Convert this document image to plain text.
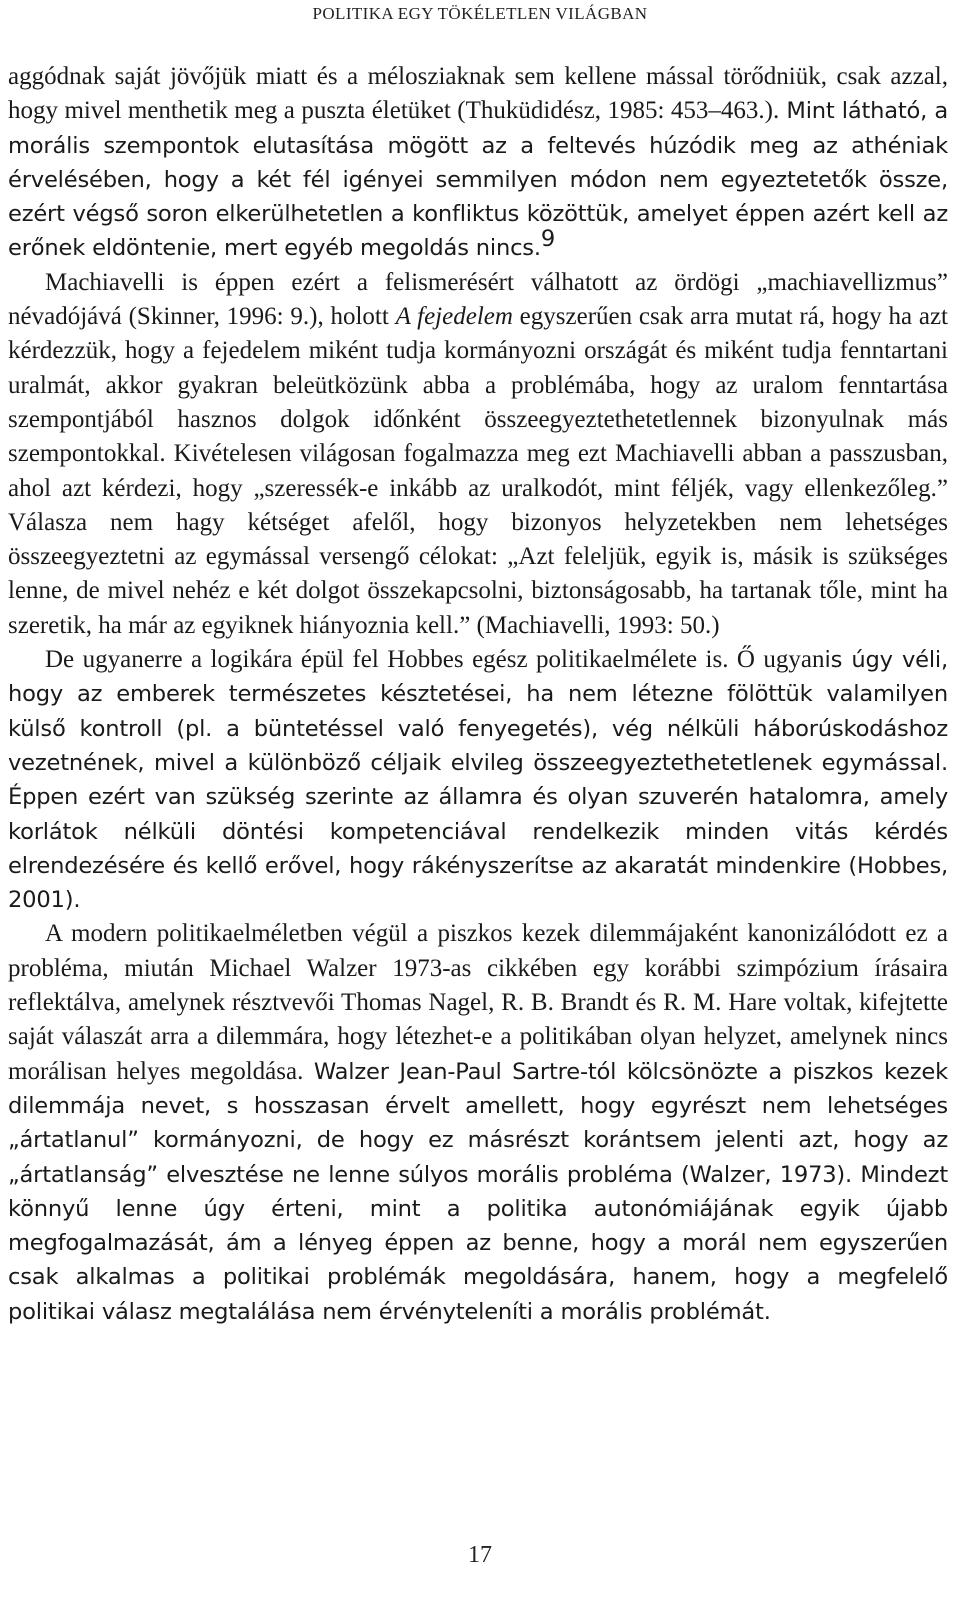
POLITIKA EGY TÖKÉLETLEN VILÁGBAN

aggódnak saját jövőjük miatt és a mélosziaknak sem kellene mással törődniük, csak azzal, hogy mivel menthetik meg a puszta életüket (Thuküdidész, 1985: 453–463.). Mint látható, a morális szempontok elutasítása mögött az a feltevés húzódik meg az athéniak érvelésében, hogy a két fél igényei semmilyen módon nem egyeztetetők össze, ezért végső soron elkerülhetetlen a konfliktus közöttük, amelyet éppen azért kell az erőnek eldöntenie, mert egyéb megoldás nincs.$^9$

Machiavelli is éppen ezért a felismerésért válhatott az ördögi „machiavellizmus” névadójává (Skinner, 1996: 9.), holott A fejedelem egyszerűen csak arra mutat rá, hogy ha azt kérdezzük, hogy a fejedelem miként tudja kormányozni országát és miként tudja fenntartani uralmát, akkor gyakran beleütközünk abba a problémába, hogy az uralom fenntartása szempontjából hasznos dolgok időnként összeegyeztethetetlennek bizonyulnak más szempontokkal. Kivételesen világosan fogalmazza meg ezt Machiavelli abban a passzusban, ahol azt kérdezi, hogy „szeressék-e inkább az uralkodót, mint féljék, vagy ellenkezőleg.” Válasza nem hagy kétséget afelől, hogy bizonyos helyzetekben nem lehetséges összeegyeztetni az egymással versengő célokat: „Azt feleljük, egyik is, másik is szükséges lenne, de mivel nehéz e két dolgot összekapcsolni, biztonságosabb, ha tartanak tőle, mint ha szeretik, ha már az egyiknek hiányoznia kell.” (Machiavelli, 1993: 50.)

De ugyanerre a logikára épül fel Hobbes egész politikaelmélete is. Ő ugyanis úgy véli, hogy az emberek természetes késztetései, ha nem létezne fölöttük valamilyen külső kontroll (pl. a büntetéssel való fenyegetés), vég nélküli háborúskodáshoz vezetnének, mivel a különböző céljaik elvileg összeegyeztethetetlenek egymással. Éppen ezért van szükség szerinte az államra és olyan szuverén hatalomra, amely korlátok nélküli döntési kompetenciával rendelkezik minden vitás kérdés elrendezésére és kellő erővel, hogy rákényszerítse az akaratát mindenkire (Hobbes, 2001).

A modern politikaelméletben végül a piszkos kezek dilemmájaként kanonizálódott ez a probléma, miután Michael Walzer 1973-as cikkében egy korábbi szimpózium írásaira reflektálva, amelynek résztvevői Thomas Nagel, R. B. Brandt és R. M. Hare voltak, kifejtette saját válaszát arra a dilemmára, hogy létezhet-e a politikában olyan helyzet, amelynek nincs morálisan helyes megoldása. Walzer Jean-Paul Sartre-tól kölcsönözte a piszkos kezek dilemmája nevet, s hosszasan érvelt amellett, hogy egyrészt nem lehetséges „ártatlanul” kormányozni, de hogy ez másrészt korántsem jelenti azt, hogy az „ártatlanság” elvesztése ne lenne súlyos morális probléma (Walzer, 1973). Mindezt könnyű lenne úgy érteni, mint a politika autonómiájának egyik újabb megfogalmazását, ám a lényeg éppen az benne, hogy a morál nem egyszerűen csak alkalmas a politikai problémák megoldására, hanem, hogy a megfelelő politikai válasz megtalálása nem érvényteleníti a morális problémát.

17
